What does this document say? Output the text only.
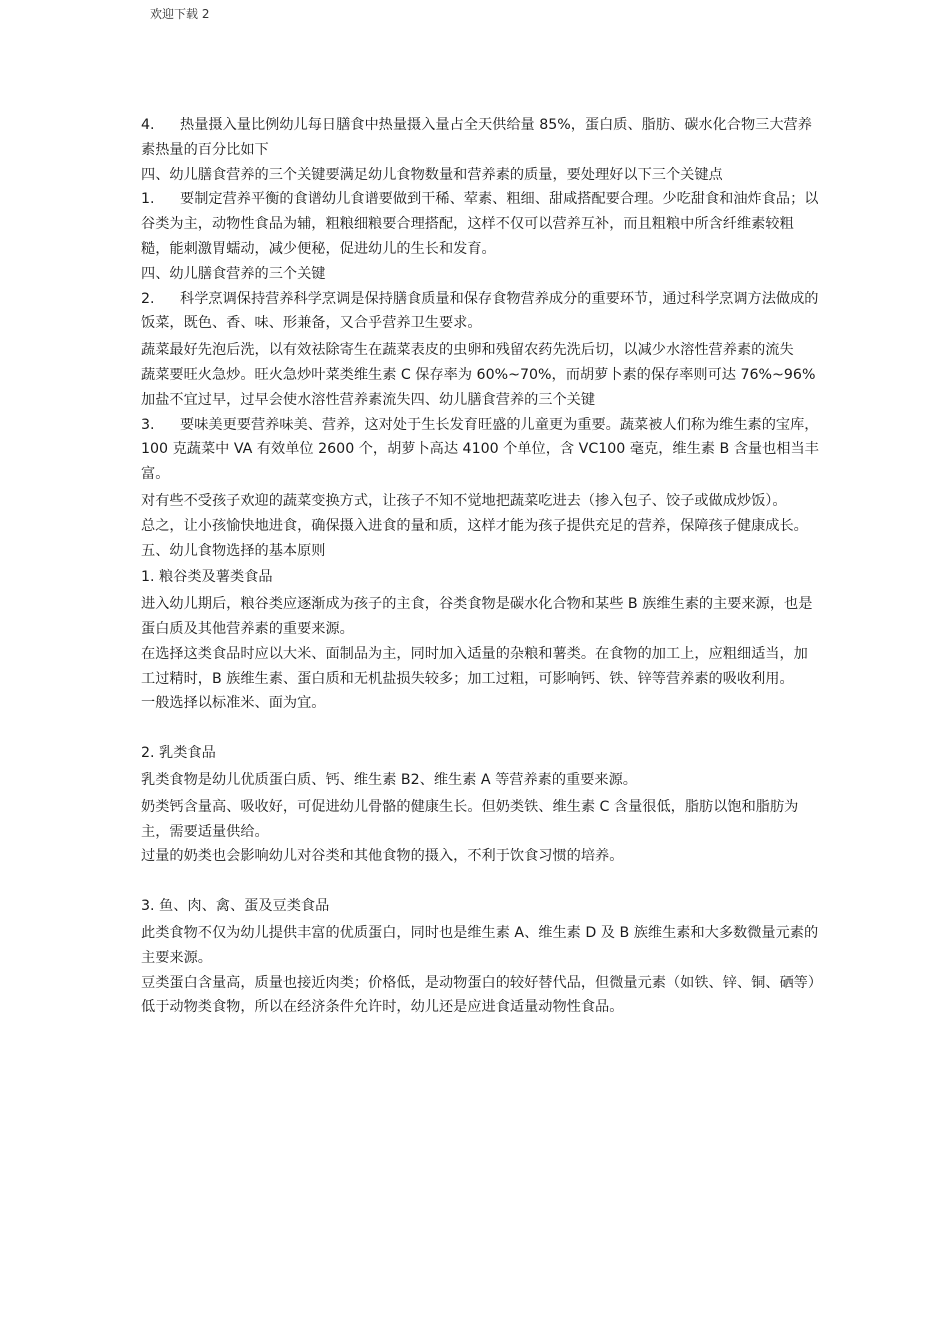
欢迎下载 2

4. 热量摄入量比例幼儿每日膳食中热量摄入量占全天供给量 85%，蛋白质、脂肪、碳水化合物三大营养素热量的百分比如下

四、幼儿膳食营养的三个关键要满足幼儿食物数量和营养素的质量，要处理好以下三个关键点

1. 要制定营养平衡的食谱幼儿食谱要做到干稀、荤素、粗细、甜咸搭配要合理。少吃甜食和油炸食品；以谷类为主，动物性食品为辅，粗粮细粮要合理搭配，这样不仅可以营养互补，而且粗粮中所含纤维素较粗糙，能刺激胃蠕动，减少便秘，促进幼儿的生长和发育。

四、幼儿膳食营养的三个关键

2. 科学烹调保持营养科学烹调是保持膳食质量和保存食物营养成分的重要环节，通过科学烹调方法做成的饭菜，既色、香、味、形兼备，又合乎营养卫生要求。

蔬菜最好先泡后洗，以有效祛除寄生在蔬菜表皮的虫卵和残留农药先洗后切，以减少水溶性营养素的流失

蔬菜要旺火急炒。旺火急炒叶菜类维生素 C 保存率为 60%~70%，而胡萝卜素的保存率则可达 76%~96%

加盐不宜过早，过早会使水溶性营养素流失四、幼儿膳食营养的三个关键

3. 要味美更要营养味美、营养，这对处于生长发育旺盛的儿童更为重要。蔬菜被人们称为维生素的宝库，100 克蔬菜中 VA 有效单位 2600 个，胡萝卜高达 4100 个单位，含 VC100 毫克，维生素 B 含量也相当丰富。

对有些不受孩子欢迎的蔬菜变换方式，让孩子不知不觉地把蔬菜吃进去（掺入包子、饺子或做成炒饭）。

总之，让小孩愉快地进食，确保摄入进食的量和质，这样才能为孩子提供充足的营养，保障孩子健康成长。

五、幼儿食物选择的基本原则

1. 粮谷类及薯类食品

进入幼儿期后，粮谷类应逐渐成为孩子的主食，谷类食物是碳水化合物和某些 B 族维生素的主要来源，也是蛋白质及其他营养素的重要来源。

在选择这类食品时应以大米、面制品为主，同时加入适量的杂粮和薯类。在食物的加工上，应粗细适当，加工过精时，B 族维生素、蛋白质和无机盐损失较多；加工过粗，可影响钙、铁、锌等营养素的吸收利用。

一般选择以标准米、面为宜。

2. 乳类食品

乳类食物是幼儿优质蛋白质、钙、维生素 B2、维生素 A 等营养素的重要来源。

奶类钙含量高、吸收好，可促进幼儿骨骼的健康生长。但奶类铁、维生素 C 含量很低，脂肪以饱和脂肪为主，需要适量供给。

过量的奶类也会影响幼儿对谷类和其他食物的摄入，不利于饮食习惯的培养。

3. 鱼、肉、禽、蛋及豆类食品

此类食物不仅为幼儿提供丰富的优质蛋白，同时也是维生素 A、维生素 D 及 B 族维生素和大多数微量元素的主要来源。

豆类蛋白含量高，质量也接近肉类；价格低，是动物蛋白的较好替代品，但微量元素（如铁、锌、铜、硒等）低于动物类食物，所以在经济条件允许时，幼儿还是应进食适量动物性食品。
